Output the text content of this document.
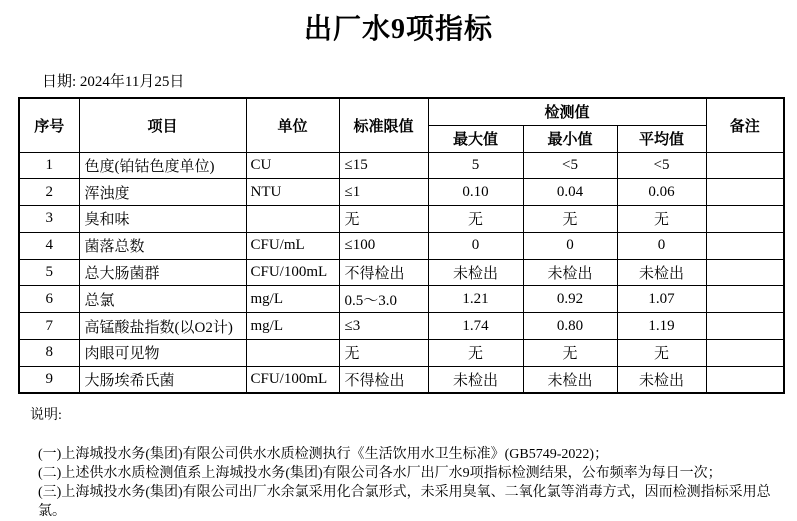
出厂水9项指标
日期: 2024年11月25日
序号	项目	单位	标准限值	检测值			备注
				最大值	最小值	平均值	
1	色度(铂钴色度单位)	CU	≤15	5	<5	<5	
2	浑浊度	NTU	≤1	0.10	0.04	0.06	
3	臭和味		无	无	无	无	
4	菌落总数	CFU/mL	≤100	0	0	0	
5	总大肠菌群	CFU/100mL	不得检出	未检出	未检出	未检出	
6	总氯	mg/L	0.5～3.0	1.21	0.92	1.07	
7	高锰酸盐指数(以O2计)	mg/L	≤3	1.74	0.80	1.19	
8	肉眼可见物		无	无	无	无	
9	大肠埃希氏菌	CFU/100mL	不得检出	未检出	未检出	未检出	
说明:
(一)上海城投水务(集团)有限公司供水水质检测执行《生活饮用水卫生标准》(GB5749-2022)；
(二)上述供水水质检测值系上海城投水务(集团)有限公司各水厂出厂水9项指标检测结果，公布频率为每日一次；
(三)上海城投水务(集团)有限公司出厂水余氯采用化合氯形式，未采用臭氧、二氧化氯等消毒方式，因而检测指标采用总氯。
